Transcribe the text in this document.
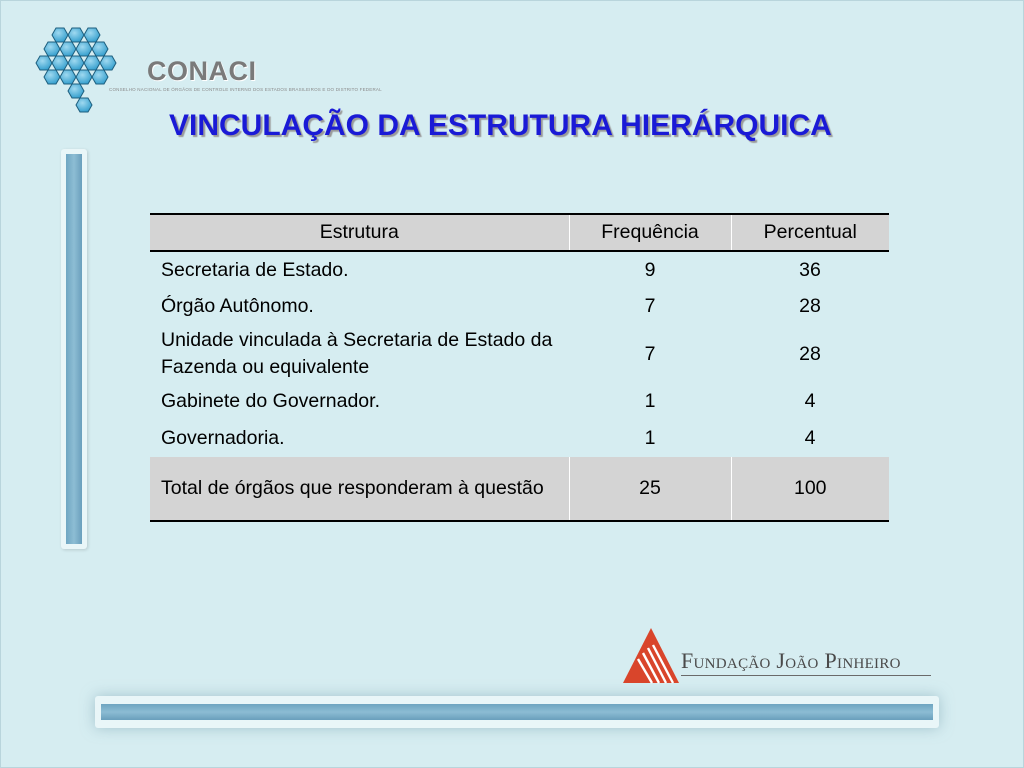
CONACI
CONSELHO NACIONAL DE ÓRGÃOS DE CONTROLE INTERNO DOS ESTADOS BRASILEIROS E DO DISTRITO FEDERAL
VINCULAÇÃO DA ESTRUTURA HIERÁRQUICA
Estrutura	Frequência	Percentual
Secretaria de Estado.	9	36
Órgão Autônomo.	7	28
Unidade vinculada à Secretaria de Estado da Fazenda ou equivalente	7	28
Gabinete do Governador.	1	4
Governadoria.	1	4
Total de órgãos que responderam à questão	25	100
Fundação João Pinheiro
